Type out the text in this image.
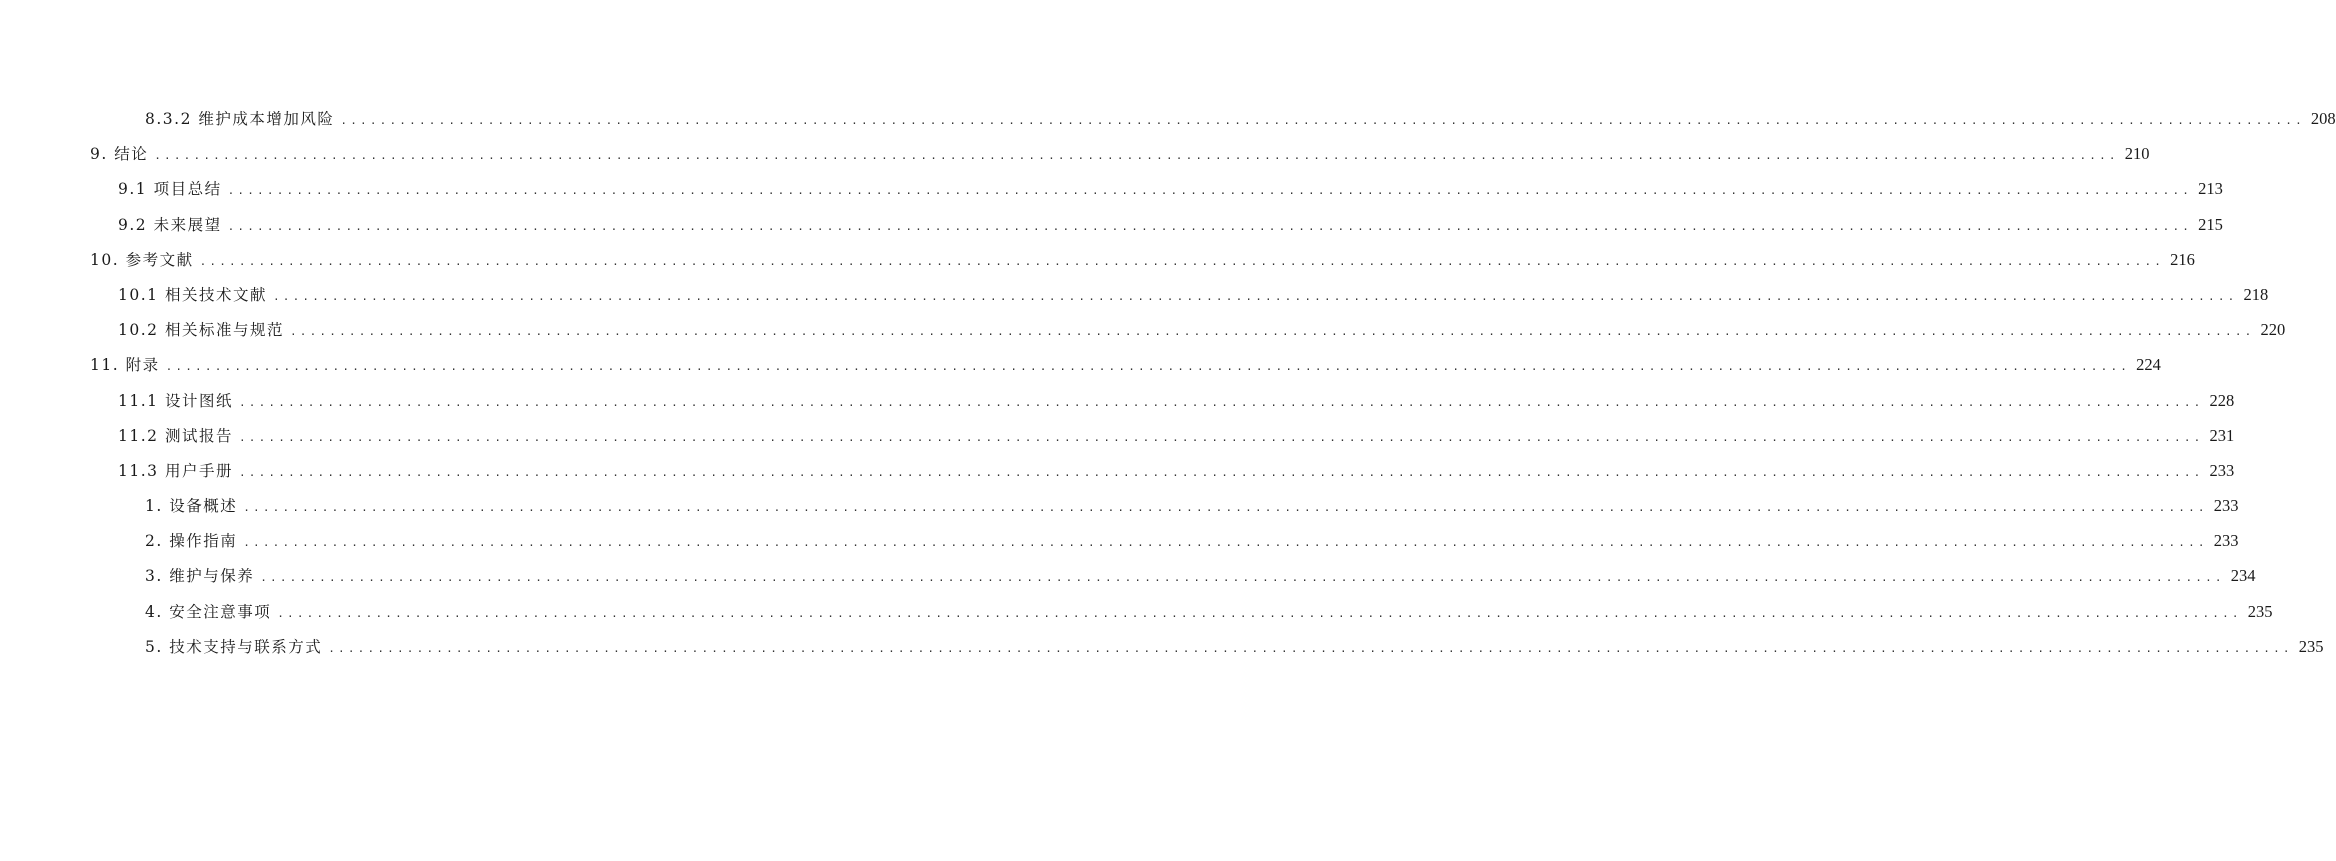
8.3.2 维护成本增加风险 ........................................................................................................................................................................................................ 208
9. 结论 ........................................................................................................................................................................................................ 210
9.1 项目总结 ........................................................................................................................................................................................................ 213
9.2 未来展望 ........................................................................................................................................................................................................ 215
10. 参考文献 ........................................................................................................................................................................................................ 216
10.1 相关技术文献 ........................................................................................................................................................................................................ 218
10.2 相关标准与规范 ........................................................................................................................................................................................................ 220
11. 附录 ........................................................................................................................................................................................................ 224
11.1 设计图纸 ........................................................................................................................................................................................................ 228
11.2 测试报告 ........................................................................................................................................................................................................ 231
11.3 用户手册 ........................................................................................................................................................................................................ 233
1. 设备概述 ........................................................................................................................................................................................................ 233
2. 操作指南 ........................................................................................................................................................................................................ 233
3. 维护与保养 ........................................................................................................................................................................................................ 234
4. 安全注意事项 ........................................................................................................................................................................................................ 235
5. 技术支持与联系方式 ........................................................................................................................................................................................................ 235
